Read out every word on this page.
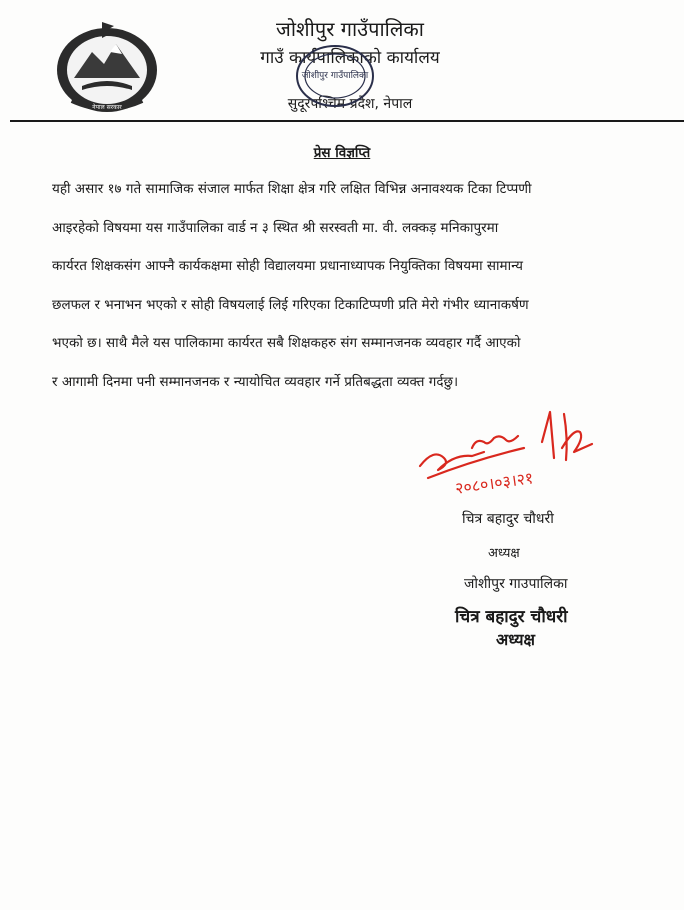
नेपाल सरकार
जोशीपुर गाउँपालिका
गाउँ कार्यपालिकाको कार्यालय
सुदूरपश्चिम प्रदेश, नेपाल
जोशीपुर गाउँपालिका
प्रेस विज्ञप्ति
यही असार १७ गते सामाजिक संजाल मार्फत शिक्षा क्षेत्र गरि लक्षित विभिन्न अनावश्यक टिका टिप्पणी
आइरहेको विषयमा यस गाउँपालिका वार्ड न ३ स्थित श्री सरस्वती मा. वी. लक्कड़ मनिकापुरमा
कार्यरत शिक्षकसंग आफ्नै कार्यकक्षमा सोही विद्यालयमा प्रधानाध्यापक नियुक्तिका विषयमा सामान्य
छलफल र भनाभन भएको र सोही विषयलाई लिई गरिएका टिकाटिप्पणी प्रति मेरो गंभीर ध्यानाकर्षण
भएको छ। साथै मैले यस पालिकामा कार्यरत सबै शिक्षकहरु संग सम्मानजनक व्यवहार गर्दै आएको
र आगामी दिनमा पनी सम्मानजनक र न्यायोचित व्यवहार गर्ने प्रतिबद्धता व्यक्त गर्दछु।
२०८०।०३।२१
चित्र बहादुर चौधरी
अध्यक्ष
जोशीपुर गाउपालिका
चित्र बहादुर चौधरी
अध्यक्ष
